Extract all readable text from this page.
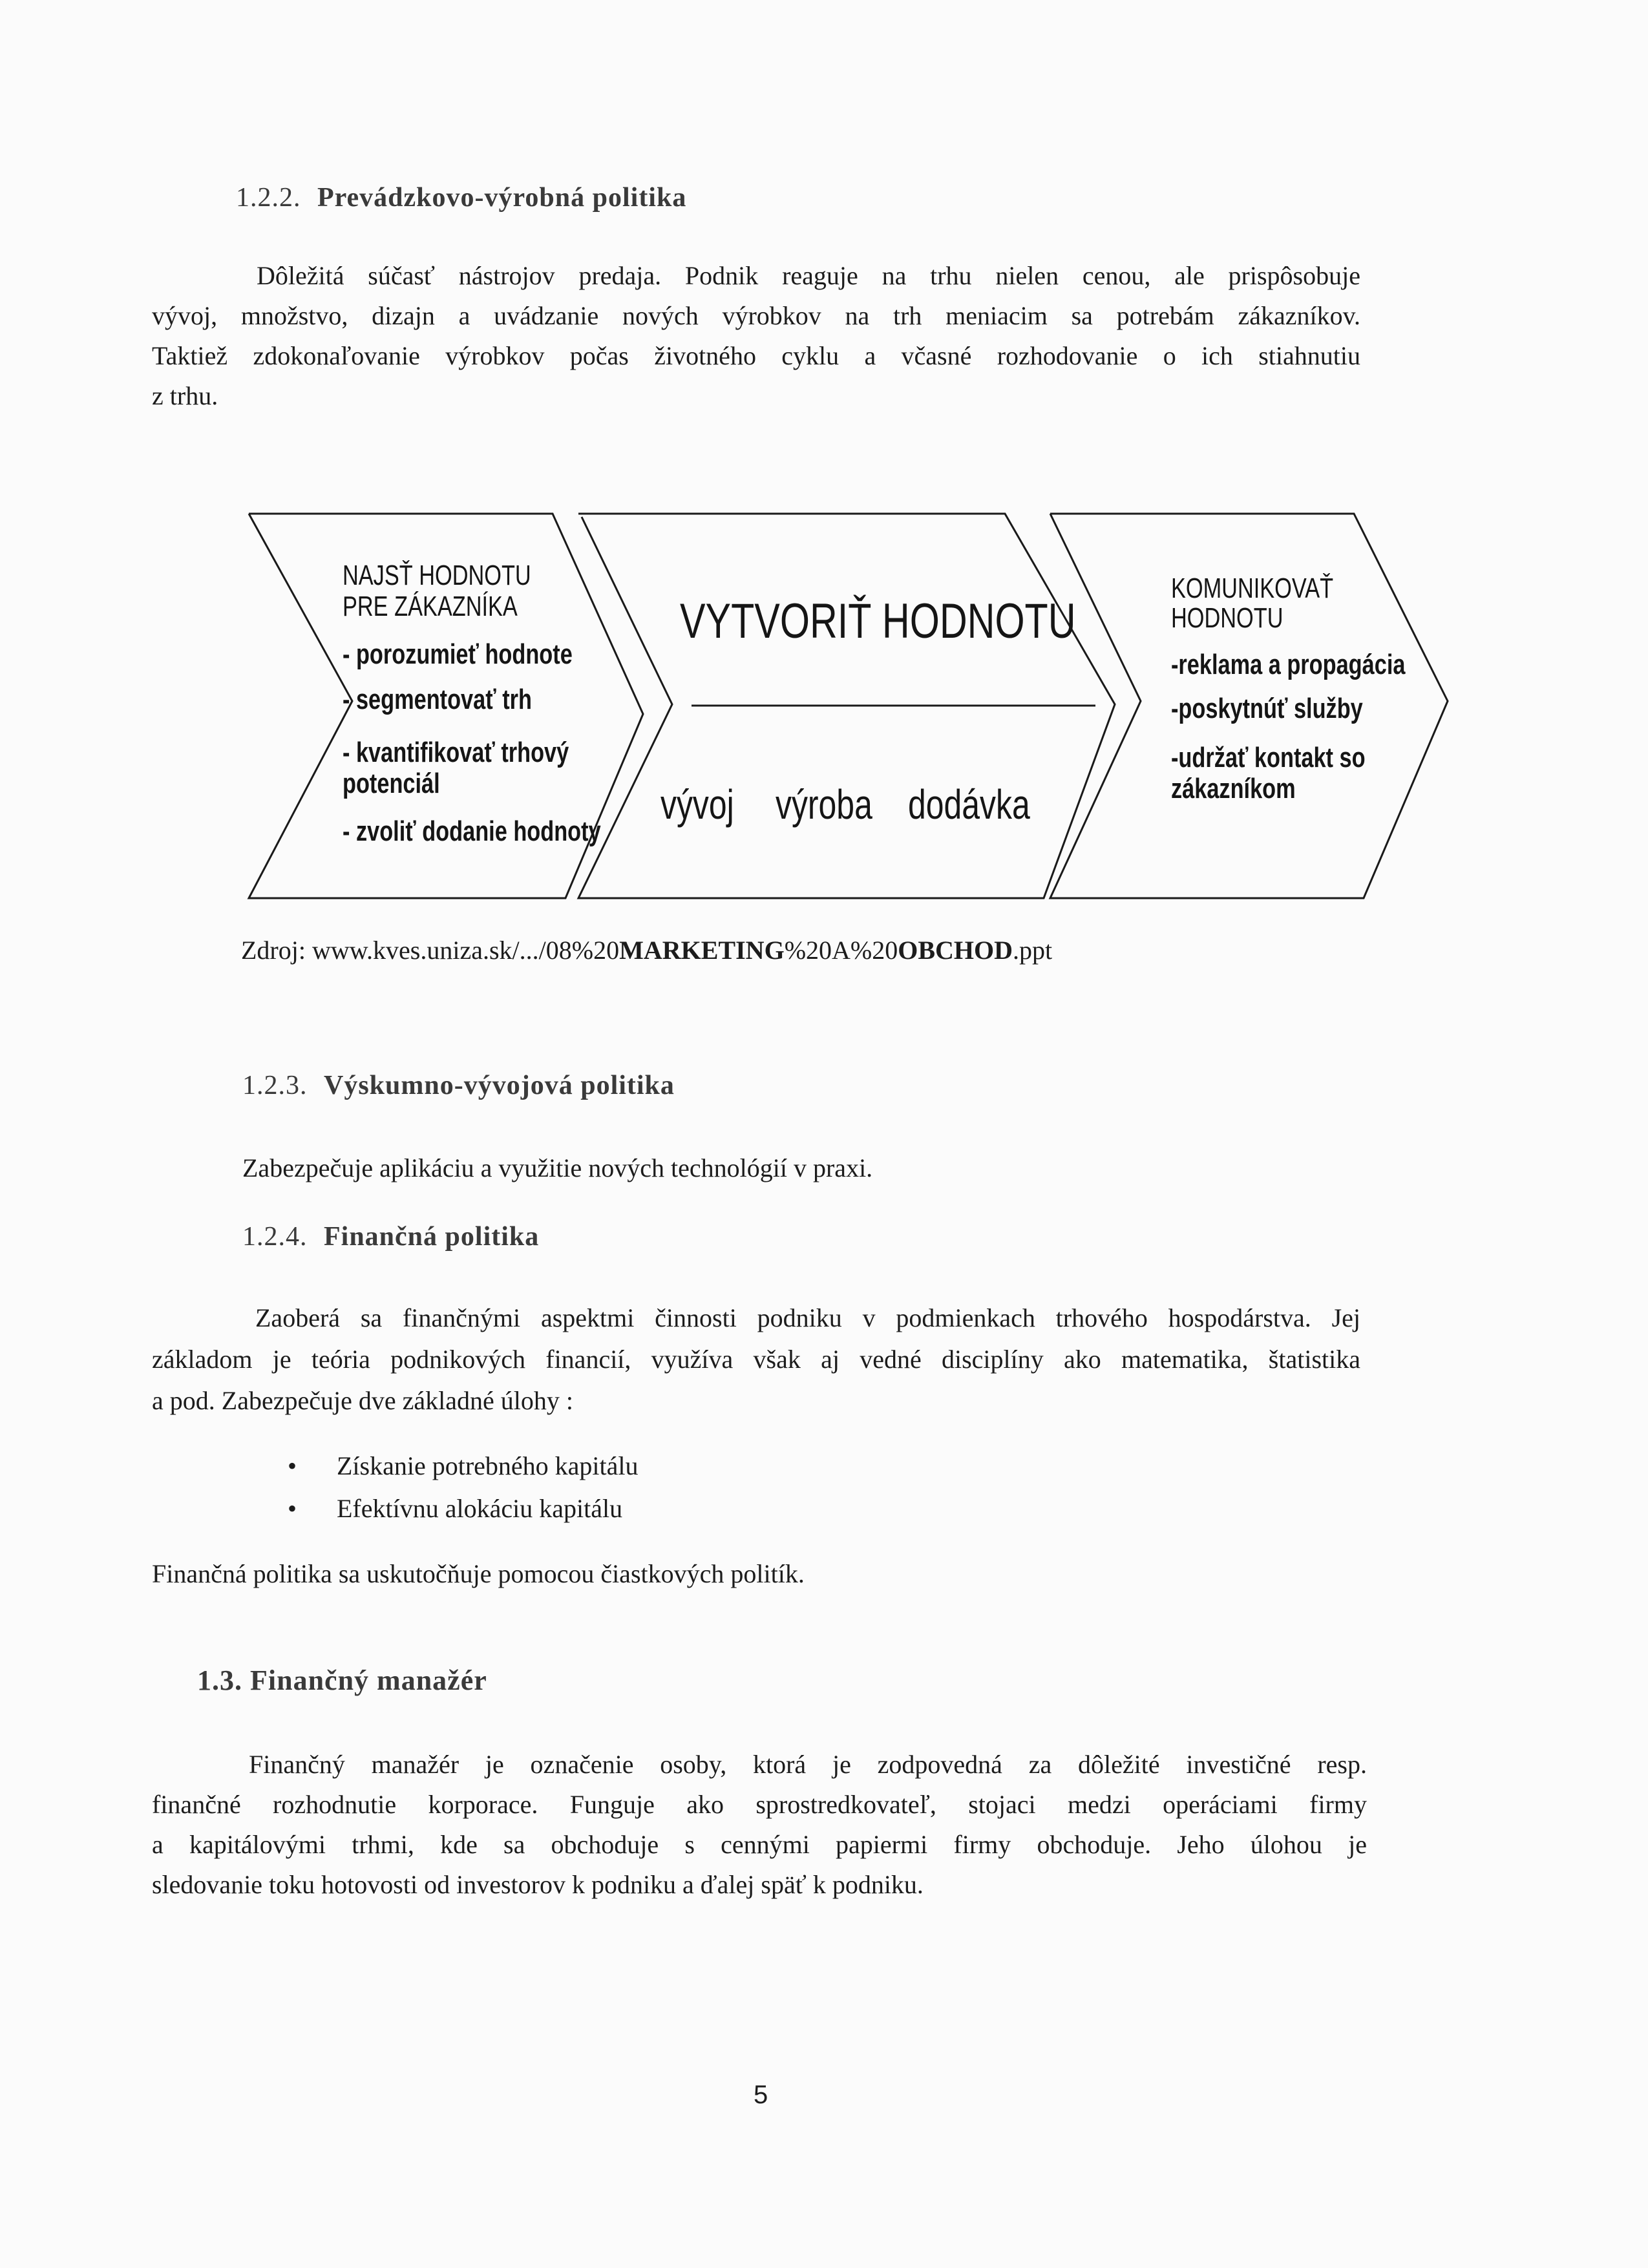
1.2.2. Prevádzkovo-výrobná politika
Dôležitá súčasť nástrojov predaja. Podnik reaguje na trhu nielen cenou, ale prispôsobuje
vývoj, množstvo, dizajn a uvádzanie nových výrobkov na trh meniacim sa potrebám zákazníkov.
Taktiež zdokonaľovanie výrobkov počas životného cyklu a včasné rozhodovanie o ich stiahnutiu
z trhu.
NAJSŤ HODNOTU
PRE ZÁKAZNÍKA
- porozumieť hodnote
- segmentovať trh
- kvantifikovať trhový
potenciál
- zvoliť dodanie hodnoty
VYTVORIŤ HODNOTU
vývoj výroba dodávka
KOMUNIKOVAŤ
HODNOTU
-reklama a propagácia
-poskytnúť služby
-udržať kontakt so
zákazníkom
Zdroj: www.kves.uniza.sk/.../08%20MARKETING%20A%20OBCHOD.ppt
1.2.3. Výskumno-vývojová politika
Zabezpečuje aplikáciu a využitie nových technológií v praxi.
1.2.4. Finančná politika
Zaoberá sa finančnými aspektmi činnosti podniku v podmienkach trhového hospodárstva. Jej
základom je teória podnikových financií, využíva však aj vedné disciplíny ako matematika, štatistika
a pod. Zabezpečuje dve základné úlohy :
• Získanie potrebného kapitálu
• Efektívnu alokáciu kapitálu
Finančná politika sa uskutočňuje pomocou čiastkových politík.
1.3. Finančný manažér
Finančný manažér je označenie osoby, ktorá je zodpovedná za dôležité investičné resp.
finančné rozhodnutie korporace. Funguje ako sprostredkovateľ, stojaci medzi operáciami firmy
a kapitálovými trhmi, kde sa obchoduje s cennými papiermi firmy obchoduje. Jeho úlohou je
sledovanie toku hotovosti od investorov k podniku a ďalej späť k podniku.
5
